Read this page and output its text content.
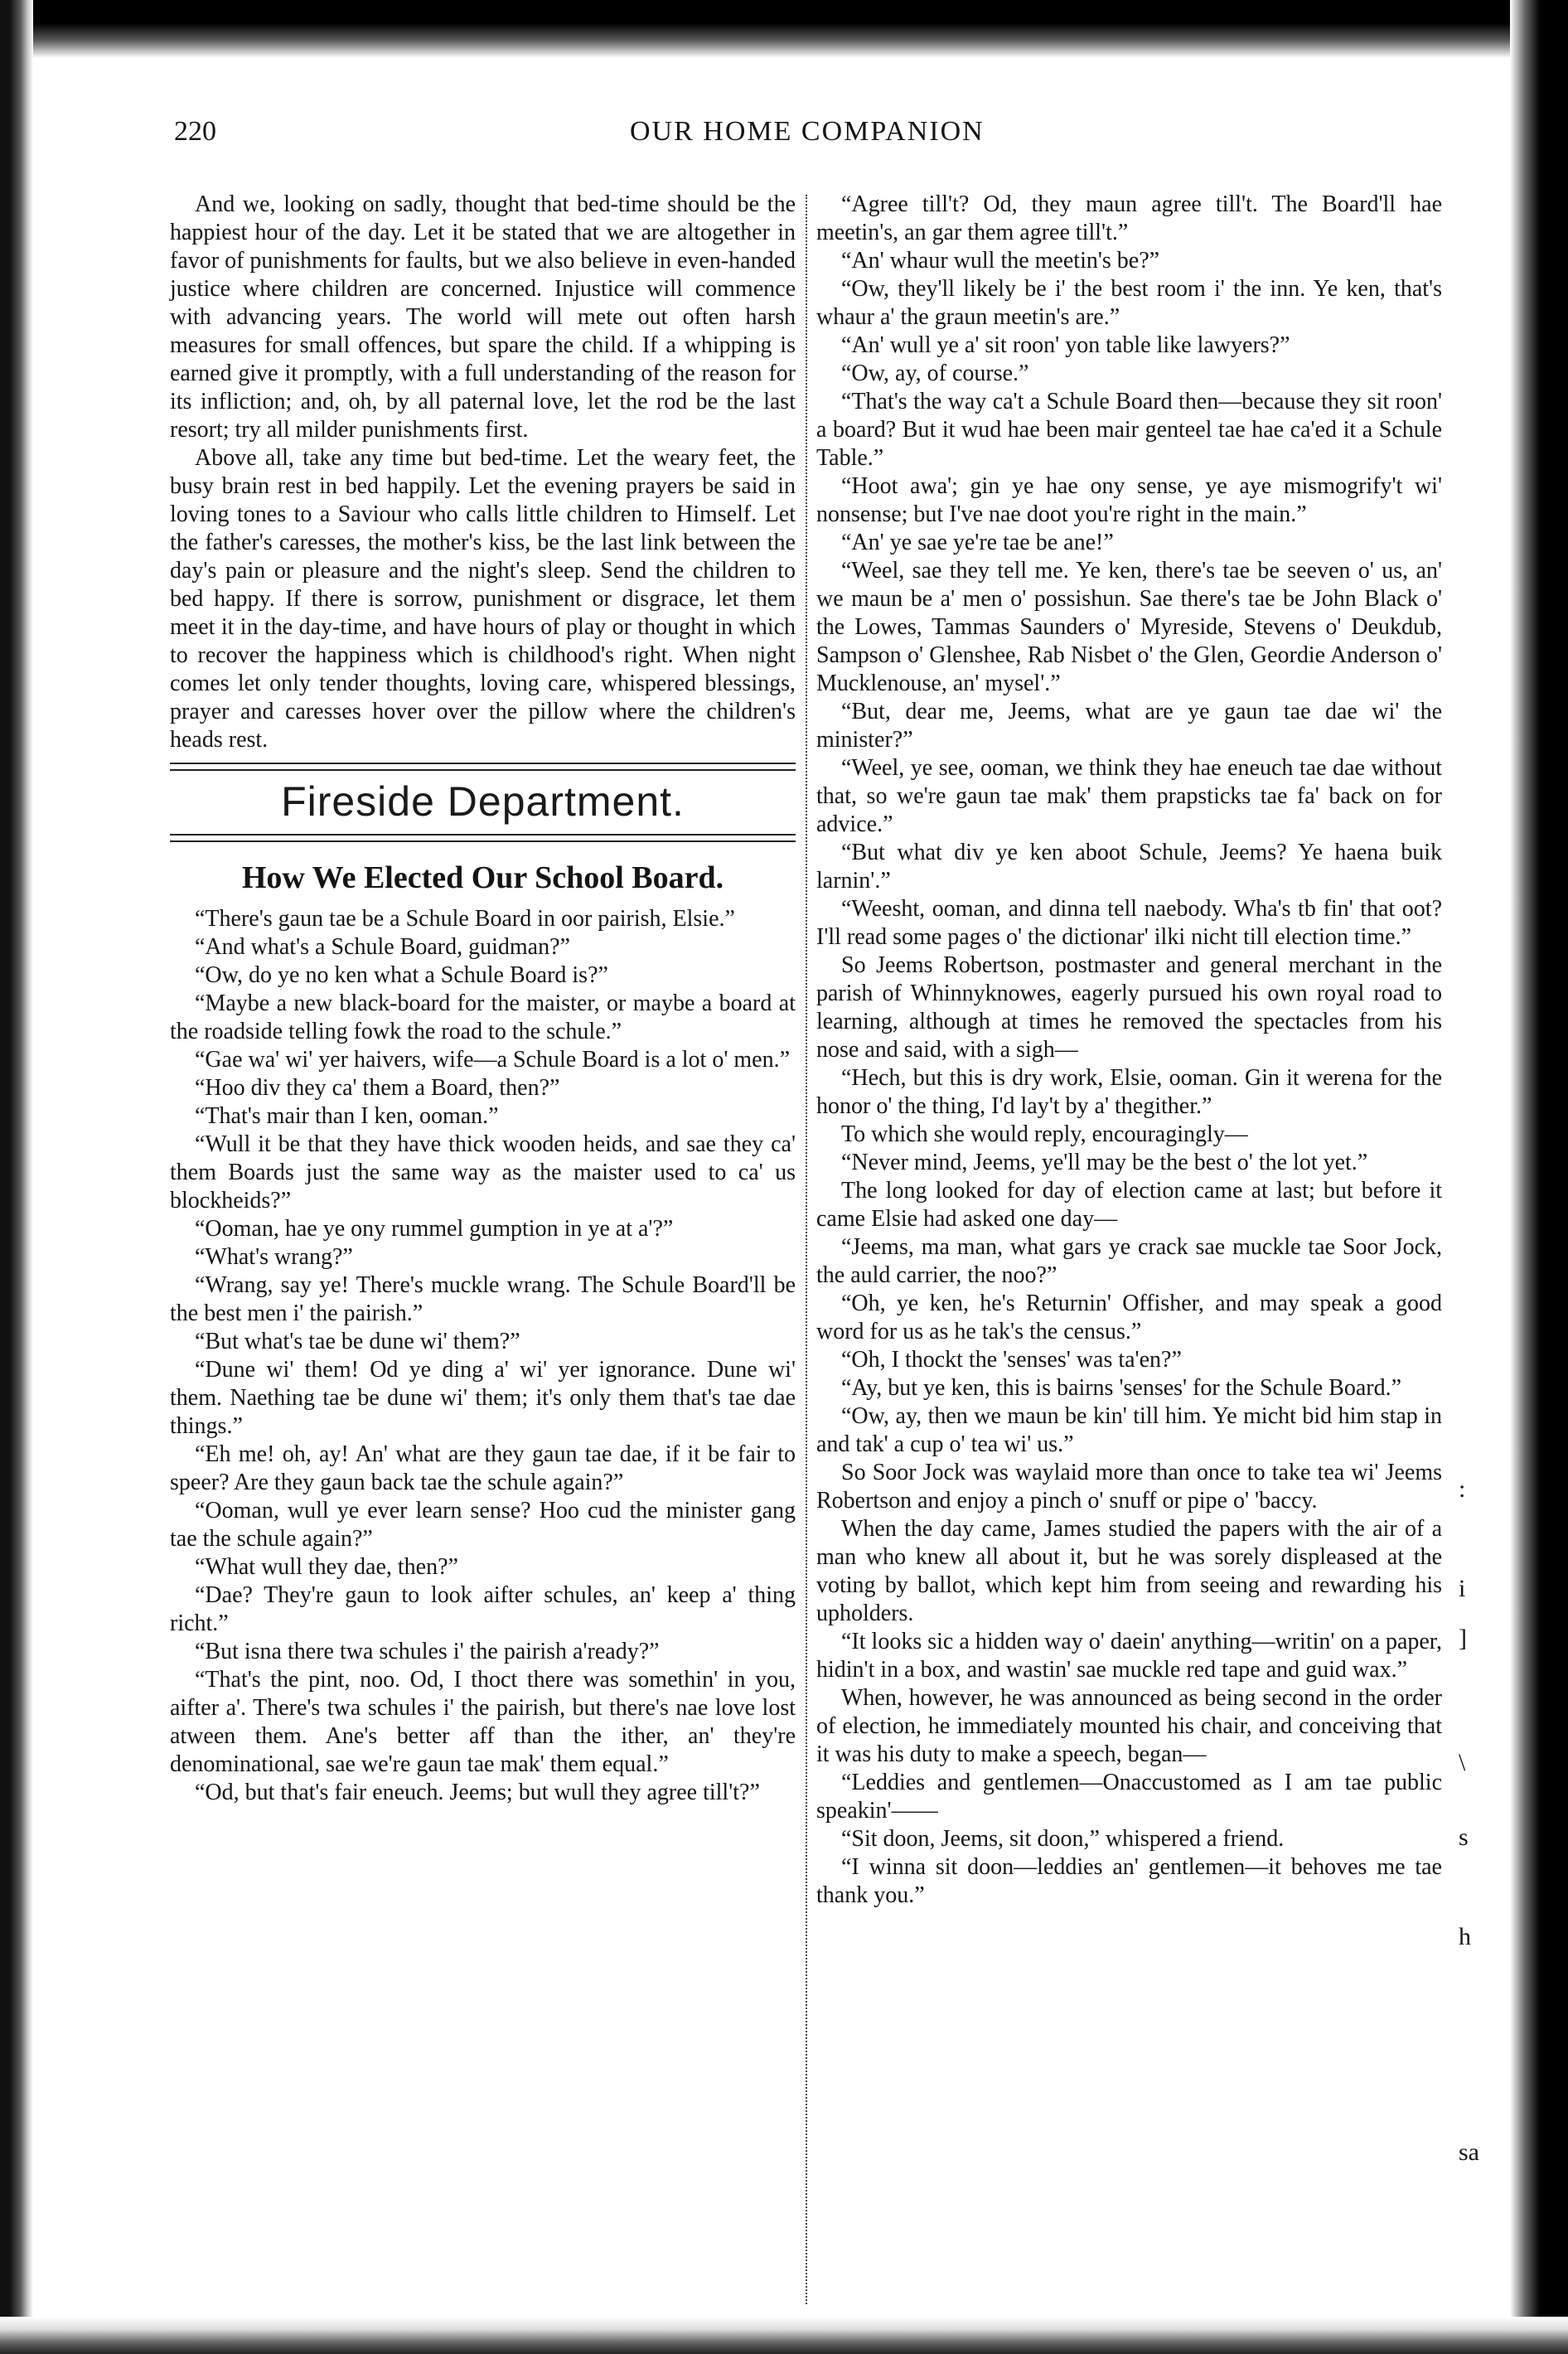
220	OUR HOME COMPANION

And we, looking on sadly, thought that bed-time should be the happiest hour of the day. Let it be stated that we are altogether in favor of punishments for faults, but we also believe in even-handed justice where children are concerned. Injustice will commence with advancing years. The world will mete out often harsh measures for small offences, but spare the child. If a whipping is earned give it promptly, with a full understanding of the reason for its infliction; and, oh, by all paternal love, let the rod be the last resort; try all milder punishments first.

Above all, take any time but bed-time. Let the weary feet, the busy brain rest in bed happily. Let the evening prayers be said in loving tones to a Saviour who calls little children to Himself. Let the father's caresses, the mother's kiss, be the last link between the day's pain or pleasure and the night's sleep. Send the children to bed happy. If there is sorrow, punishment or disgrace, let them meet it in the day-time, and have hours of play or thought in which to recover the happiness which is childhood's right. When night comes let only tender thoughts, loving care, whispered blessings, prayer and caresses hover over the pillow where the children's heads rest.

Fireside Department.
How We Elected Our School Board.

“There's gaun tae be a Schule Board in oor pairish, Elsie.”

“And what's a Schule Board, guidman?”

“Ow, do ye no ken what a Schule Board is?”

“Maybe a new black-board for the maister, or maybe a board at the roadside telling fowk the road to the schule.”

“Gae wa' wi' yer haivers, wife—a Schule Board is a lot o' men.”

“Hoo div they ca' them a Board, then?”

“That's mair than I ken, ooman.”

“Wull it be that they have thick wooden heids, and sae they ca' them Boards just the same way as the maister used to ca' us blockheids?”

“Ooman, hae ye ony rummel gumption in ye at a'?”

“What's wrang?”

“Wrang, say ye! There's muckle wrang. The Schule Board'll be the best men i' the pairish.”

“But what's tae be dune wi' them?”

“Dune wi' them! Od ye ding a' wi' yer ignorance. Dune wi' them. Naething tae be dune wi' them; it's only them that's tae dae things.”

“Eh me! oh, ay! An' what are they gaun tae dae, if it be fair to speer? Are they gaun back tae the schule again?”

“Ooman, wull ye ever learn sense? Hoo cud the minister gang tae the schule again?”

“What wull they dae, then?”

“Dae? They're gaun to look aifter schules, an' keep a' thing richt.”

“But isna there twa schules i' the pairish a'ready?”

“That's the pint, noo. Od, I thoct there was somethin' in you, aifter a'. There's twa schules i' the pairish, but there's nae love lost atween them. Ane's better aff than the ither, an' they're denominational, sae we're gaun tae mak' them equal.”

“Od, but that's fair eneuch. Jeems; but wull they agree till't?”

“Agree till't? Od, they maun agree till't. The Board'll hae meetin's, an gar them agree till't.”

“An' whaur wull the meetin's be?”

“Ow, they'll likely be i' the best room i' the inn. Ye ken, that's whaur a' the graun meetin's are.”

“An' wull ye a' sit roon' yon table like lawyers?”

“Ow, ay, of course.”

“That's the way ca't a Schule Board then—because they sit roon' a board? But it wud hae been mair genteel tae hae ca'ed it a Schule Table.”

“Hoot awa'; gin ye hae ony sense, ye aye mismogrify't wi' nonsense; but I've nae doot you're right in the main.”

“An' ye sae ye're tae be ane!”

“Weel, sae they tell me. Ye ken, there's tae be seeven o' us, an' we maun be a' men o' possishun. Sae there's tae be John Black o' the Lowes, Tammas Saunders o' Myreside, Stevens o' Deukdub, Sampson o' Glenshee, Rab Nisbet o' the Glen, Geordie Anderson o' Mucklenouse, an' mysel'.”

“But, dear me, Jeems, what are ye gaun tae dae wi' the minister?”

“Weel, ye see, ooman, we think they hae eneuch tae dae without that, so we're gaun tae mak' them prapsticks tae fa' back on for advice.”

“But what div ye ken aboot Schule, Jeems? Ye haena buik larnin'.”

“Weesht, ooman, and dinna tell naebody. Wha's tb fin' that oot? I'll read some pages o' the dictionar' ilki nicht till election time.”

So Jeems Robertson, postmaster and general merchant in the parish of Whinnyknowes, eagerly pursued his own royal road to learning, although at times he removed the spectacles from his nose and said, with a sigh—

“Hech, but this is dry work, Elsie, ooman. Gin it werena for the honor o' the thing, I'd lay't by a' thegither.”

To which she would reply, encouragingly—

“Never mind, Jeems, ye'll may be the best o' the lot yet.”

The long looked for day of election came at last; but before it came Elsie had asked one day—

“Jeems, ma man, what gars ye crack sae muckle tae Soor Jock, the auld carrier, the noo?”

“Oh, ye ken, he's Returnin' Offisher, and may speak a good word for us as he tak's the census.”

“Oh, I thockt the 'senses' was ta'en?”

“Ay, but ye ken, this is bairns 'senses' for the Schule Board.”

“Ow, ay, then we maun be kin' till him. Ye micht bid him stap in and tak' a cup o' tea wi' us.”

So Soor Jock was waylaid more than once to take tea wi' Jeems Robertson and enjoy a pinch o' snuff or pipe o' 'baccy.

When the day came, James studied the papers with the air of a man who knew all about it, but he was sorely displeased at the voting by ballot, which kept him from seeing and rewarding his upholders.

“It looks sic a hidden way o' daein' anything—writin' on a paper, hidin't in a box, and wastin' sae muckle red tape and guid wax.”

When, however, he was announced as being second in the order of election, he immediately mounted his chair, and conceiving that it was his duty to make a speech, began—

“Leddies and gentlemen—Onaccustomed as I am tae public speakin'——

“Sit doon, Jeems, sit doon,” whispered a friend.

“I winna sit doon—leddies an' gentlemen—it behoves me tae thank you.”

:
i
]
\
s
h
sa
